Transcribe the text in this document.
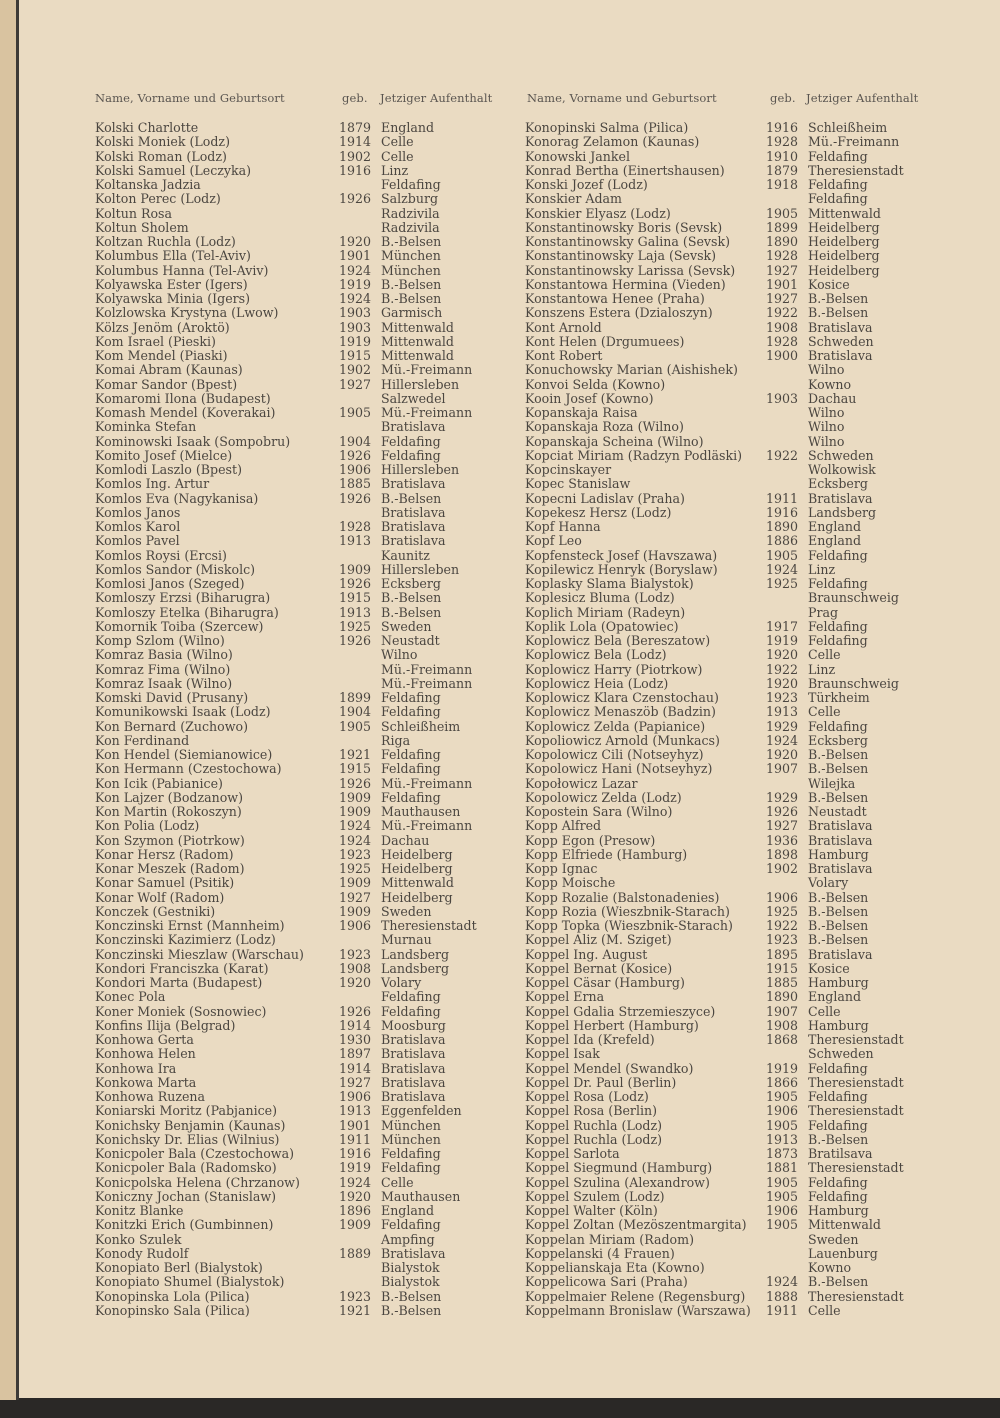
Name, Vorname und Geburtsort	geb. Jetziger Aufenthalt	Name, Vorname und Geburtsort	geb. Jetziger Aufenthalt
Kolski Charlotte	1879 England
Kolski Moniek (Lodz)	1914 Celle
Kolski Roman (Lodz)	1902 Celle
Kolski Samuel (Leczyka)	1916 Linz
Koltanska Jadzia	Feldafing
Kolton Perec (Lodz)	1926 Salzburg
Koltun Rosa	Radzivila
Koltun Sholem	Radzivila
Koltzan Ruchla (Lodz)	1920 B.-Belsen
Kolumbus Ella (Tel-Aviv)	1901 München
Kolumbus Hanna (Tel-Aviv)	1924 München
Kolyawska Ester (Igers)	1919 B.-Belsen
Kolyawska Minia (Igers)	1924 B.-Belsen
Kolzlowska Krystyna (Lwow)	1903 Garmisch
Kölzs Jenöm (Aroktö)	1903 Mittenwald
Kom Israel (Pieski)	1919 Mittenwald
Kom Mendel (Piaski)	1915 Mittenwald
Komai Abram (Kaunas)	1902 Mü.-Freimann
Komar Sandor (Bpest)	1927 Hillersleben
Komaromi Ilona (Budapest)	Salzwedel
Komash Mendel (Koverakai)	1905 Mü.-Freimann
Kominka Stefan	Bratislava
Kominowski Isaak (Sompobru)	1904 Feldafing
Komito Josef (Mielce)	1926 Feldafing
Komlodi Laszlo (Bpest)	1906 Hillersleben
Komlos Ing. Artur	1885 Bratislava
Komlos Eva (Nagykanisa)	1926 B.-Belsen
Komlos Janos	Bratislava
Komlos Karol	1928 Bratislava
Komlos Pavel	1913 Bratislava
Komlos Roysi (Ercsi)	Kaunitz
Komlos Sandor (Miskolc)	1909 Hillersleben
Komlosi Janos (Szeged)	1926 Ecksberg
Komloszy Erzsi (Biharugra)	1915 B.-Belsen
Komloszy Etelka (Biharugra)	1913 B.-Belsen
Komornik Toiba (Szercew)	1925 Sweden
Komp Szlom (Wilno)	1926 Neustadt
Komraz Basia (Wilno)	Wilno
Komraz Fima (Wilno)	Mü.-Freimann
Komraz Isaak (Wilno)	Mü.-Freimann
Komski David (Prusany)	1899 Feldafing
Komunikowski Isaak (Lodz)	1904 Feldafing
Kon Bernard (Zuchowo)	1905 Schleißheim
Kon Ferdinand	Riga
Kon Hendel (Siemianowice)	1921 Feldafing
Kon Hermann (Czestochowa)	1915 Feldafing
Kon Icik (Pabianice)	1926 Mü.-Freimann
Kon Lajzer (Bodzanow)	1909 Feldafing
Kon Martin (Rokoszyn)	1909 Mauthausen
Kon Polia (Lodz)	1924 Mü.-Freimann
Kon Szymon (Piotrkow)	1924 Dachau
Konar Hersz (Radom)	1923 Heidelberg
Konar Meszek (Radom)	1925 Heidelberg
Konar Samuel (Psitik)	1909 Mittenwald
Konar Wolf (Radom)	1927 Heidelberg
Konczek (Gestniki)	1909 Sweden
Konczinski Ernst (Mannheim)	1906 Theresienstadt
Konczinski Kazimierz (Lodz)	Murnau
Konczinski Mieszlaw (Warschau)	1923 Landsberg
Kondori Franciszka (Karat)	1908 Landsberg
Kondori Marta (Budapest)	1920 Volary
Konec Pola	Feldafing
Koner Moniek (Sosnowiec)	1926 Feldafing
Konfins Ilija (Belgrad)	1914 Moosburg
Konhowa Gerta	1930 Bratislava
Konhowa Helen	1897 Bratislava
Konhowa Ira	1914 Bratislava
Konkowa Marta	1927 Bratislava
Konhowa Ruzena	1906 Bratislava
Koniarski Moritz (Pabjanice)	1913 Eggenfelden
Konichsky Benjamin (Kaunas)	1901 München
Konichsky Dr. Elias (Wilnius)	1911 München
Konicpoler Bala (Czestochowa)	1916 Feldafing
Konicpoler Bala (Radomsko)	1919 Feldafing
Konicpolska Helena (Chrzanow)	1924 Celle
Koniczny Jochan (Stanislaw)	1920 Mauthausen
Konitz Blanke	1896 England
Konitzki Erich (Gumbinnen)	1909 Feldafing
Konko Szulek	Ampfing
Konody Rudolf	1889 Bratislava
Konopiato Berl (Bialystok)	Bialystok
Konopiato Shumel (Bialystok)	Bialystok
Konopinska Lola (Pilica)	1923 B.-Belsen
Konopinsko Sala (Pilica)	1921 B.-Belsen
Konopinski Salma (Pilica)	1916 Schleißheim
Konorag Zelamon (Kaunas)	1928 Mü.-Freimann
Konowski Jankel	1910 Feldafing
Konrad Bertha (Einertshausen)	1879 Theresienstadt
Konski Jozef (Lodz)	1918 Feldafing
Konskier Adam	Feldafing
Konskier Elyasz (Lodz)	1905 Mittenwald
Konstantinowsky Boris (Sevsk)	1899 Heidelberg
Konstantinowsky Galina (Sevsk)	1890 Heidelberg
Konstantinowsky Laja (Sevsk)	1928 Heidelberg
Konstantinowsky Larissa (Sevsk)	1927 Heidelberg
Konstantowa Hermina (Vieden)	1901 Kosice
Konstantowa Henee (Praha)	1927 B.-Belsen
Konszens Estera (Dzialoszyn)	1922 B.-Belsen
Kont Arnold	1908 Bratislava
Kont Helen (Drgumuees)	1928 Schweden
Kont Robert	1900 Bratislava
Konuchowsky Marian (Aishishek)	Wilno
Konvoi Selda (Kowno)	Kowno
Kooin Josef (Kowno)	1903 Dachau
Kopanskaja Raisa	Wilno
Kopanskaja Roza (Wilno)	Wilno
Kopanskaja Scheina (Wilno)	Wilno
Kopciat Miriam (Radzyn Podläski)	1922 Schweden
Kopcinskayer	Wolkowisk
Kopec Stanislaw	Ecksberg
Kopecni Ladislav (Praha)	1911 Bratislava
Kopekesz Hersz (Lodz)	1916 Landsberg
Kopf Hanna	1890 England
Kopf Leo	1886 England
Kopfensteck Josef (Havszawa)	1905 Feldafing
Kopilewicz Henryk (Boryslaw)	1924 Linz
Koplasky Slama Bialystok)	1925 Feldafing
Koplesicz Bluma (Lodz)	Braunschweig
Koplich Miriam (Radeyn)	Prag
Koplik Lola (Opatowiec)	1917 Feldafing
Koplowicz Bela (Bereszatow)	1919 Feldafing
Koplowicz Bela (Lodz)	1920 Celle
Koplowicz Harry (Piotrkow)	1922 Linz
Koplowicz Heia (Lodz)	1920 Braunschweig
Koplowicz Klara Czenstochau)	1923 Türkheim
Koplowicz Menaszöb (Badzin)	1913 Celle
Koplowicz Zelda (Papianice)	1929 Feldafing
Kopoliowicz Arnold (Munkacs)	1924 Ecksberg
Kopolowicz Cili (Notseyhyz)	1920 B.-Belsen
Kopolowicz Hani (Notseyhyz)	1907 B.-Belsen
Kopołowicz Lazar	Wilejka
Kopolowicz Zelda (Lodz)	1929 B.-Belsen
Kopostein Sara (Wilno)	1926 Neustadt
Kopp Alfred	1927 Bratislava
Kopp Egon (Presow)	1936 Bratislava
Kopp Elfriede (Hamburg)	1898 Hamburg
Kopp Ignac	1902 Bratislava
Kopp Moische	Volary
Kopp Rozalie (Balstonadenies)	1906 B.-Belsen
Kopp Rozia (Wieszbnik-Starach)	1925 B.-Belsen
Kopp Topka (Wieszbnik-Starach)	1922 B.-Belsen
Koppel Aliz (M. Sziget)	1923 B.-Belsen
Koppel Ing. August	1895 Bratislava
Koppel Bernat (Kosice)	1915 Kosice
Koppel Cäsar (Hamburg)	1885 Hamburg
Koppel Erna	1890 England
Koppel Gdalia Strzemieszyce)	1907 Celle
Koppel Herbert (Hamburg)	1908 Hamburg
Koppel Ida (Krefeld)	1868 Theresienstadt
Koppel Isak	Schweden
Koppel Mendel (Swandko)	1919 Feldafing
Koppel Dr. Paul (Berlin)	1866 Theresienstadt
Koppel Rosa (Lodz)	1905 Feldafing
Koppel Rosa (Berlin)	1906 Theresienstadt
Koppel Ruchla (Lodz)	1905 Feldafing
Koppel Ruchla (Lodz)	1913 B.-Belsen
Koppel Sarlota	1873 Bratilsava
Koppel Siegmund (Hamburg)	1881 Theresienstadt
Koppel Szulina (Alexandrow)	1905 Feldafing
Koppel Szulem (Lodz)	1905 Feldafing
Koppel Walter (Köln)	1906 Hamburg
Koppel Zoltan (Mezöszentmargita)	1905 Mittenwald
Koppelan Miriam (Radom)	Sweden
Koppelanski (4 Frauen)	Lauenburg
Koppelianskaja Eta (Kowno)	Kowno
Koppelicowa Sari (Praha)	1924 B.-Belsen
Koppelmaier Relene (Regensburg)	1888 Theresienstadt
Koppelmann Bronislaw (Warszawa)	1911 Celle
